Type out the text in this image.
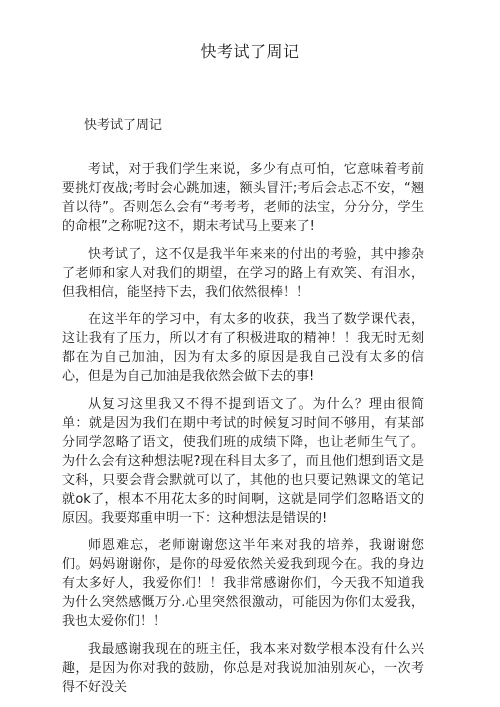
快考试了周记
快考试了周记

考试，对于我们学生来说，多少有点可怕，它意味着考前要挑灯夜战;考时会心跳加速，额头冒汗;考后会忐忑不安，“翘首以待”。否则怎么会有“考考考，老师的法宝，分分分，学生的命根”之称呢?这不，期末考试马上要来了!

快考试了，这不仅是我半年来来的付出的考验，其中掺杂了老师和家人对我们的期望，在学习的路上有欢笑、有泪水，但我相信，能坚持下去，我们依然很棒！！

在这半年的学习中，有太多的收获，我当了数学课代表，这让我有了压力，所以才有了积极进取的精神！！我无时无刻都在为自己加油，因为有太多的原因是我自己没有太多的信心，但是为自己加油是我依然会做下去的事!

从复习这里我又不得不提到语文了。为什么？理由很简单：就是因为我们在期中考试的时候复习时间不够用，有某部分同学忽略了语文，使我们班的成绩下降，也让老师生气了。为什么会有这种想法呢?现在科目太多了，而且他们想到语文是文科，只要会背会默就可以了，其他的也只要记熟课文的笔记就ok了，根本不用花太多的时间啊，这就是同学们忽略语文的原因。我要郑重申明一下：这种想法是错误的!

师恩难忘，老师谢谢您这半年来对我的培养，我谢谢您们。妈妈谢谢你，是你的母爱依然关爱我到现今在。我的身边有太多好人，我爱你们！！我非常感谢你们，今天我不知道我为什么突然感慨万分.心里突然很激动，可能因为你们太爱我，我也太爱你们！！

我最感谢我现在的班主任，我本来对数学根本没有什么兴趣，是因为你对我的鼓励，你总是对我说加油别灰心，一次考得不好没关
